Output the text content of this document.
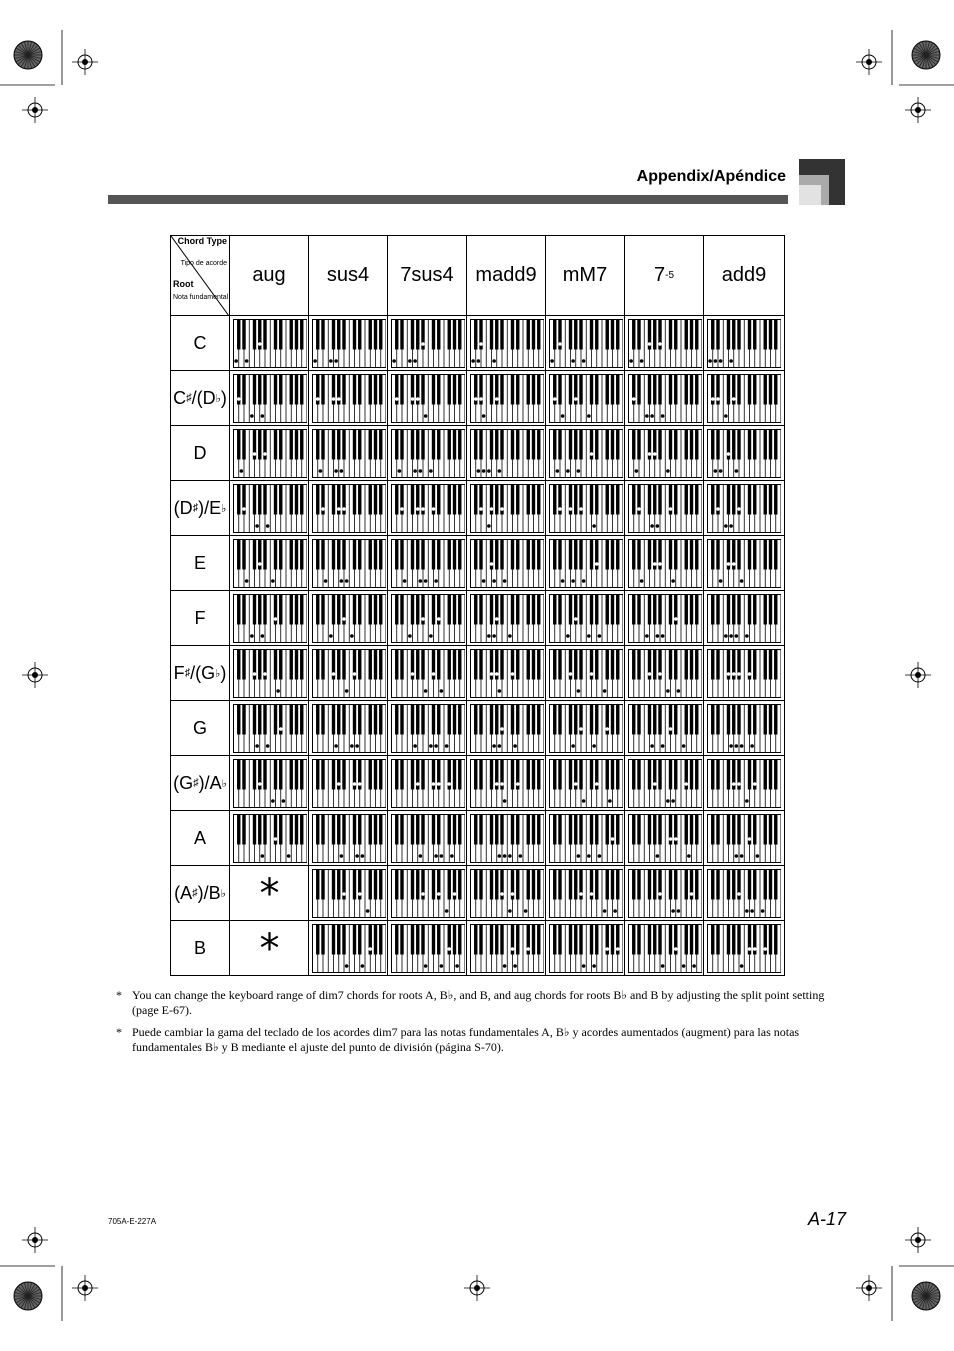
Appendix/Apéndice
Chord Type
Tipo de acorde
Root
Nota fundamental
aug sus4 7sus4 madd9 mM7 7 -5 add9
C
C ♯ /(D ♭ )
D
(D ♯ )/E ♭
E
F
F ♯ /(G ♭ )
G
(G ♯ )/A ♭
A
(A ♯ )/B ♭ *
B	*
* You can change the keyboard range of dim7 chords for roots A, B♭, and B, and aug chords for roots B♭ and B by adjusting the split point setting (page E-67).
* Puede cambiar la gama del teclado de los acordes dim7 para las notas fundamentales A, B♭ y acordes aumentados (augment) para las notas fundamentales B♭ y B mediante el ajuste del punto de división (página S-70).
705A-E-227A	A-17
